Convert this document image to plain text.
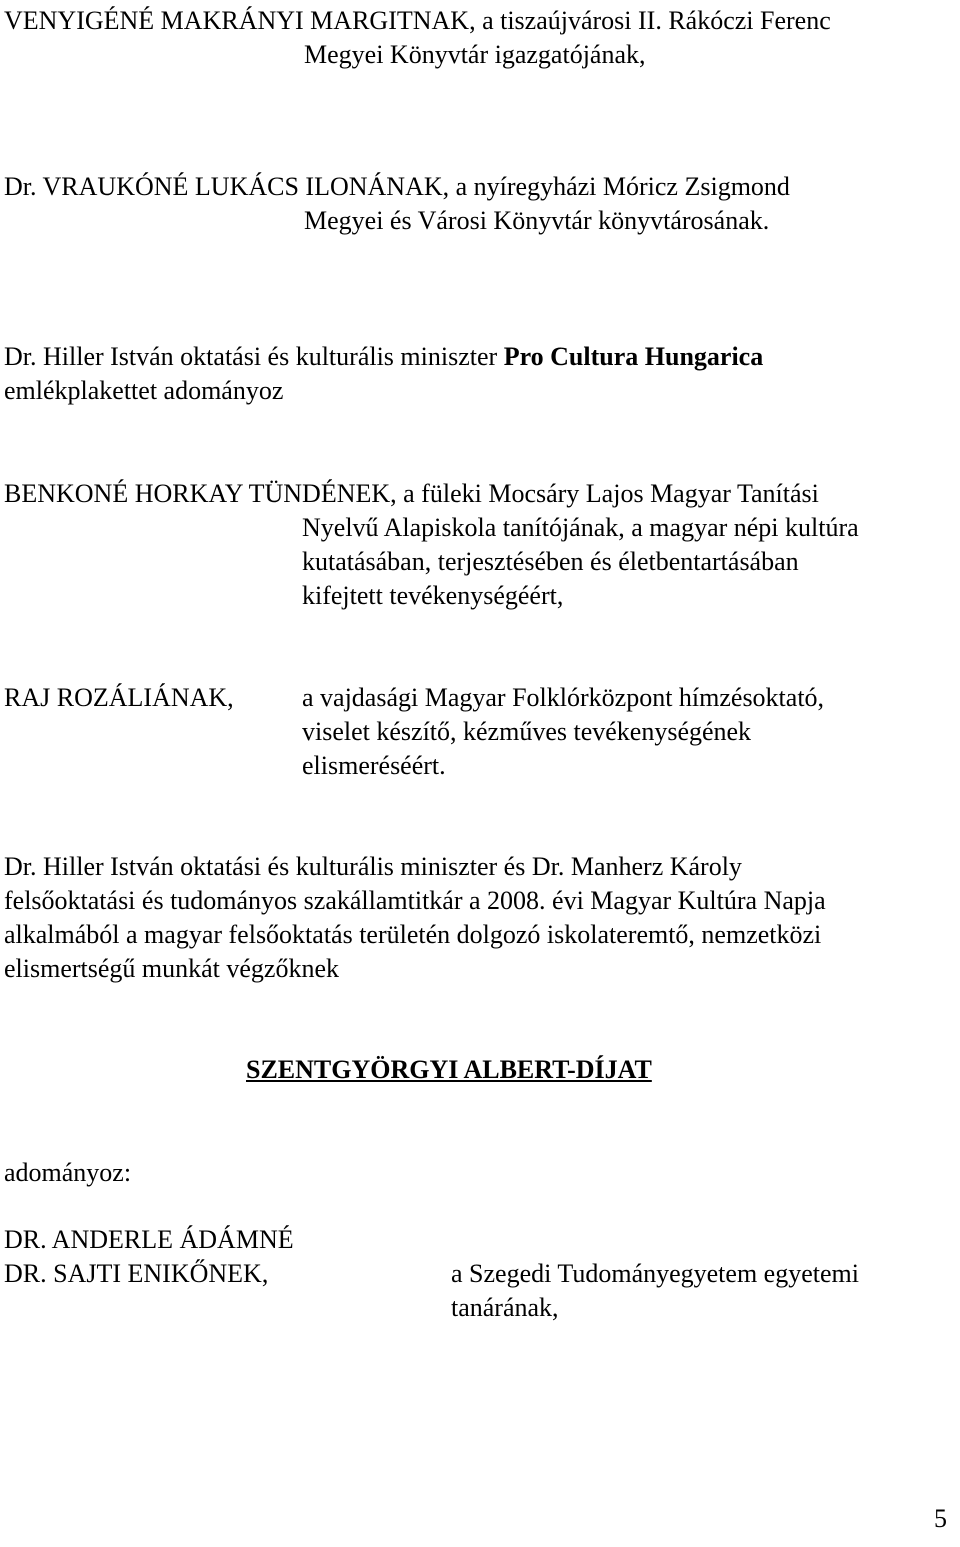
VENYIGÉNÉ MAKRÁNYI MARGITNAK, a tiszaújvárosi II. Rákóczi Ferenc

Megyei Könyvtár igazgatójának,

Dr. VRAUKÓNÉ LUKÁCS ILONÁNAK, a nyíregyházi Móricz Zsigmond

Megyei és Városi Könyvtár könyvtárosának.

Dr. Hiller István oktatási és kulturális miniszter Pro Cultura Hungarica

emlékplakettet adományoz

BENKONÉ HORKAY TÜNDÉNEK, a füleki Mocsáry Lajos Magyar Tanítási

Nyelvű Alapiskola tanítójának, a magyar népi kultúra

kutatásában, terjesztésében és életbentartásában

kifejtett tevékenységéért,

RAJ ROZÁLIÁNAK,	a vajdasági Magyar Folklórközpont hímzésoktató,

viselet készítő, kézműves tevékenységének

elismeréséért.

Dr. Hiller István oktatási és kulturális miniszter és Dr. Manherz Károly

felsőoktatási és tudományos szakállamtitkár a 2008. évi Magyar Kultúra Napja

alkalmából a magyar felsőoktatás területén dolgozó iskolateremtő, nemzetközi

elismertségű munkát végzőknek

SZENTGYÖRGYI ALBERT-DÍJAT

adományoz:

DR. ANDERLE ÁDÁMNÉ

DR. SAJTI ENIKŐNEK,	a Szegedi Tudományegyetem egyetemi

tanárának,

5
